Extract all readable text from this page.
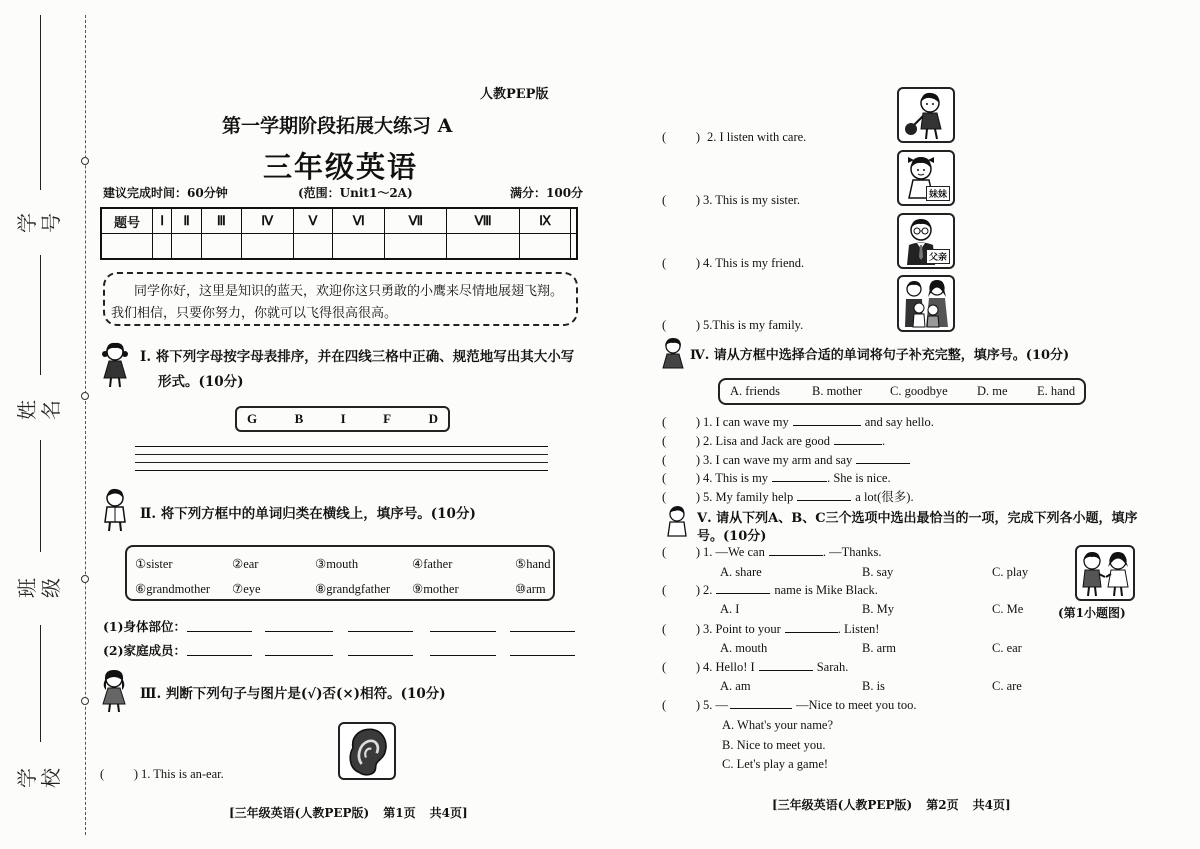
学号
姓名
班级
学校
人教PEP版
第一学期阶段拓展大练习 A
三年级英语
建议完成时间：60分钟	(范围：Unit1～2A)	满分：100分
题号	Ⅰ	Ⅱ	Ⅲ	Ⅳ	Ⅴ	Ⅵ	Ⅶ	Ⅷ	Ⅸ	

同学你好，这里是知识的蓝天，欢迎你这只勇敢的小鹰来尽情地展翅飞翔。
我们相信，只要你努力，你就可以飞得很高很高。
Ⅰ. 将下列字母按字母表排序，并在四线三格中正确、规范地写出其大小写
形式。(10分)
G	B	I	F	D
Ⅱ. 将下列方框中的单词归类在横线上，填序号。(10分)
①sister	②ear	③mouth	④father	⑤hand
⑥grandmother	⑦eye	⑧grandgfather	⑨mother	⑩arm
(1)身体部位：
(2)家庭成员：
Ⅲ. 判断下列句子与图片是(√)否(×)相符。(10分)
( ) 1. This is an-ear.
[三年级英语(人教PEP版) 第1页 共4页]
妹妹
父亲
( ) 2. I listen with care.
( ) 3. This is my sister.
( ) 4. This is my friend.
( ) 5.This is my family.
Ⅳ. 请从方框中选择合适的单词将句子补充完整，填序号。(10分)
A. friends	B. mother	C. goodbye	D. me	E. hand
( ) 1. I can wave my	and say hello.
( ) 2. Lisa and Jack are good	.
( ) 3. I can wave my arm and say
( ) 4. This is my	. She is nice.
( ) 5. My family help	a lot(很多).
Ⅴ. 请从下列A、B、C三个选项中选出最恰当的一项，完成下列各小题，填序
号。(10分)
( ) 1. —We can	. —Thanks.
A. share	B. say	C. play
( ) 2.	name is Mike Black.
A. I	B. My	C. Me
( ) 3. Point to your	. Listen!
A. mouth	B. arm	C. ear
( ) 4. Hello! I	Sarah.
A. am	B. is	C. are
( ) 5. —	—Nice to meet you too.
A. What's your name?
B. Nice to meet you.
C. Let's play a game!
(第1小题图)
[三年级英语(人教PEP版) 第2页 共4页]
